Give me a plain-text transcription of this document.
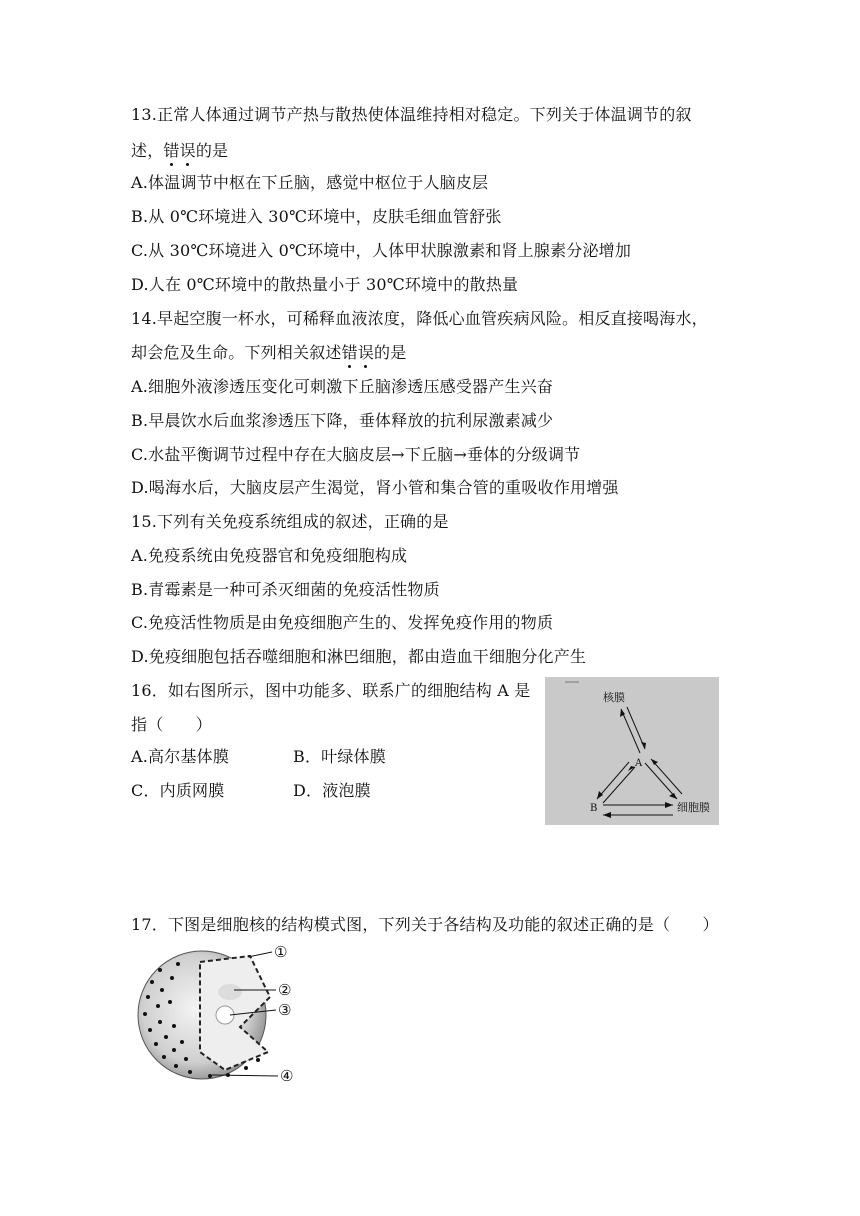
13.正常人体通过调节产热与散热使体温维持相对稳定。下列关于体温调节的叙
述，错误的是
A.体温调节中枢在下丘脑，感觉中枢位于人脑皮层
B.从 0℃环境进入 30℃环境中，皮肤毛细血管舒张
C.从 30℃环境进入 0℃环境中，人体甲状腺激素和肾上腺素分泌增加
D.人在 0℃环境中的散热量小于 30℃环境中的散热量
14.早起空腹一杯水，可稀释血液浓度，降低心血管疾病风险。相反直接喝海水，
却会危及生命。下列相关叙述错误的是
A.细胞外液渗透压变化可刺激下丘脑渗透压感受器产生兴奋
B.早晨饮水后血浆渗透压下降，垂体释放的抗利尿激素减少
C.水盐平衡调节过程中存在大脑皮层→下丘脑→垂体的分级调节
D.喝海水后，大脑皮层产生渴觉，肾小管和集合管的重吸收作用增强
15.下列有关免疫系统组成的叙述，正确的是
A.免疫系统由免疫器官和免疫细胞构成
B.青霉素是一种可杀灭细菌的免疫活性物质
C.免疫活性物质是由免疫细胞产生的、发挥免疫作用的物质
D.免疫细胞包括吞噬细胞和淋巴细胞，都由造血干细胞分化产生
16．如右图所示，图中功能多、联系广的细胞结构 A 是
指（　　）
A.高尔基体膜	B．叶绿体膜
C．内质网膜	D．液泡膜
核膜
A
B	细胞膜
17．下图是细胞核的结构模式图，下列关于各结构及功能的叙述正确的是（　　）
①
②
③
④
